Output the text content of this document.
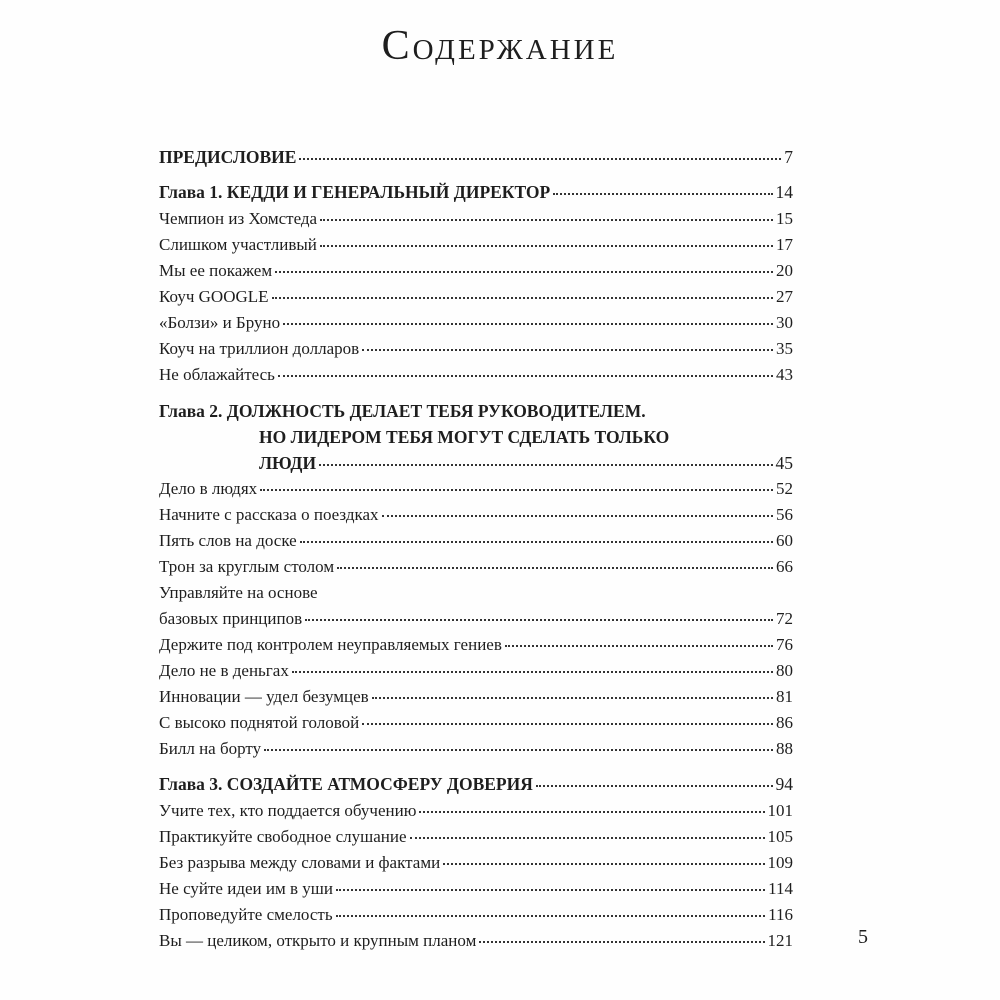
Содержание
ПРЕДИСЛОВИЕ	7
Глава 1. КЕДДИ И ГЕНЕРАЛЬНЫЙ ДИРЕКТОР	14
Чемпион из Хомстеда	15
Слишком участливый	17
Мы ее покажем	20
Коуч GOOGLE	27
«Болзи» и Бруно	30
Коуч на триллион долларов	35
Не облажайтесь	43
Глава 2. ДОЛЖНОСТЬ ДЕЛАЕТ ТЕБЯ РУКОВОДИТЕЛЕМ.
НО ЛИДЕРОМ ТЕБЯ МОГУТ СДЕЛАТЬ ТОЛЬКО
ЛЮДИ	45
Дело в людях	52
Начните с рассказа о поездках	56
Пять слов на доске	60
Трон за круглым столом	66
Управляйте на основе
базовых принципов	72
Держите под контролем неуправляемых гениев	76
Дело не в деньгах	80
Инновации — удел безумцев	81
С высоко поднятой головой	86
Билл на борту	88
Глава 3. СОЗДАЙТЕ АТМОСФЕРУ ДОВЕРИЯ	94
Учите тех, кто поддается обучению	101
Практикуйте свободное слушание	105
Без разрыва между словами и фактами	109
Не суйте идеи им в уши	114
Проповедуйте смелость	116
Вы — целиком, открыто и крупным планом	121	5
